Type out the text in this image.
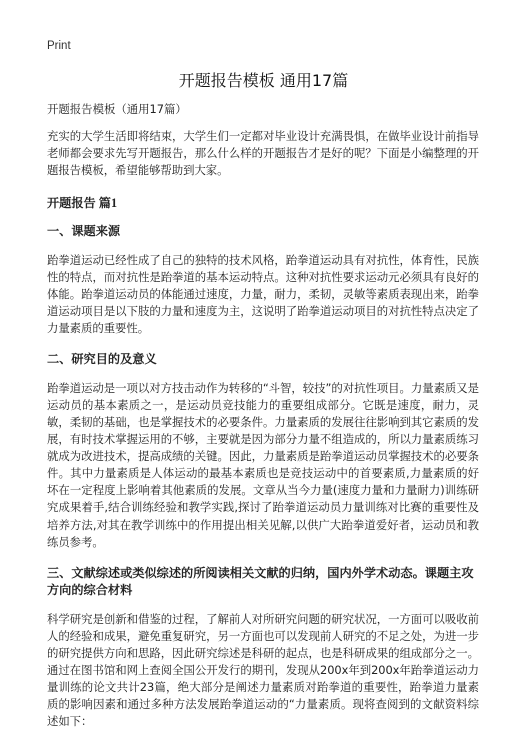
Print
开题报告模板 通用17篇
开题报告模板（通用17篇）

充实的大学生活即将结束，大学生们一定都对毕业设计充满畏惧，在做毕业设计前指导老师都会要求先写开题报告，那么什么样的开题报告才是好的呢？下面是小编整理的开题报告模板，希望能够帮助到大家。

开题报告 篇1
一、课题来源

跆拳道运动已经性成了自己的独特的技术风格，跆拳道运动具有对抗性，体育性，民族性的特点，而对抗性是跆拳道的基本运动特点。这种对抗性要求运动元必须具有良好的体能。跆拳道运动员的体能通过速度，力量，耐力，柔韧，灵敏等素质表现出来，跆拳道运动项目是以下肢的力量和速度为主，这说明了跆拳道运动项目的对抗性特点决定了力量素质的重要性。

二、研究目的及意义

跆拳道运动是一项以对方技击动作为转移的“斗智，较技”的对抗性项目。力量素质又是运动员的基本素质之一，是运动员竞技能力的重要组成部分。它既是速度，耐力，灵敏，柔韧的基础，也是掌握技术的必要条件。力量素质的发展往往影响到其它素质的发展，有时技术掌握运用的不够，主要就是因为部分力量不组造成的，所以力量素质练习就成为改进技术，提高成绩的关键。因此，力量素质是跆拳道运动员掌握技术的必要条件。其中力量素质是人体运动的最基本素质也是竞技运动中的首要素质,力量素质的好坏在一定程度上影响着其他素质的发展。文章从当今力量(速度力量和力量耐力)训练研究成果着手,结合训练经验和教学实践,探讨了跆拳道运动员力量训练对比赛的重要性及培养方法,对其在教学训练中的作用提出相关见解,以供广大跆拳道爱好者，运动员和教练员参考。

三、文献综述或类似综述的所阅读相关文献的归纳，国内外学术动态。课题主攻方向的综合材料

科学研究是创新和借鉴的过程，了解前人对所研究问题的研究状况，一方面可以吸收前人的经验和成果，避免重复研究，另一方面也可以发现前人研究的不足之处，为进一步的研究提供方向和思路，因此研究综述是科研的起点，也是科研成果的组成部分之一。通过在图书馆和网上查阅全国公开发行的期刊，发现从200x年到200x年跆拳道运动力量训练的论文共计23篇，绝大部分是阐述力量素质对跆拳道的重要性，跆拳道力量素质的影响因素和通过多种方法发展跆拳道运动的“力量素质。现将查阅到的文献资料综述如下：
